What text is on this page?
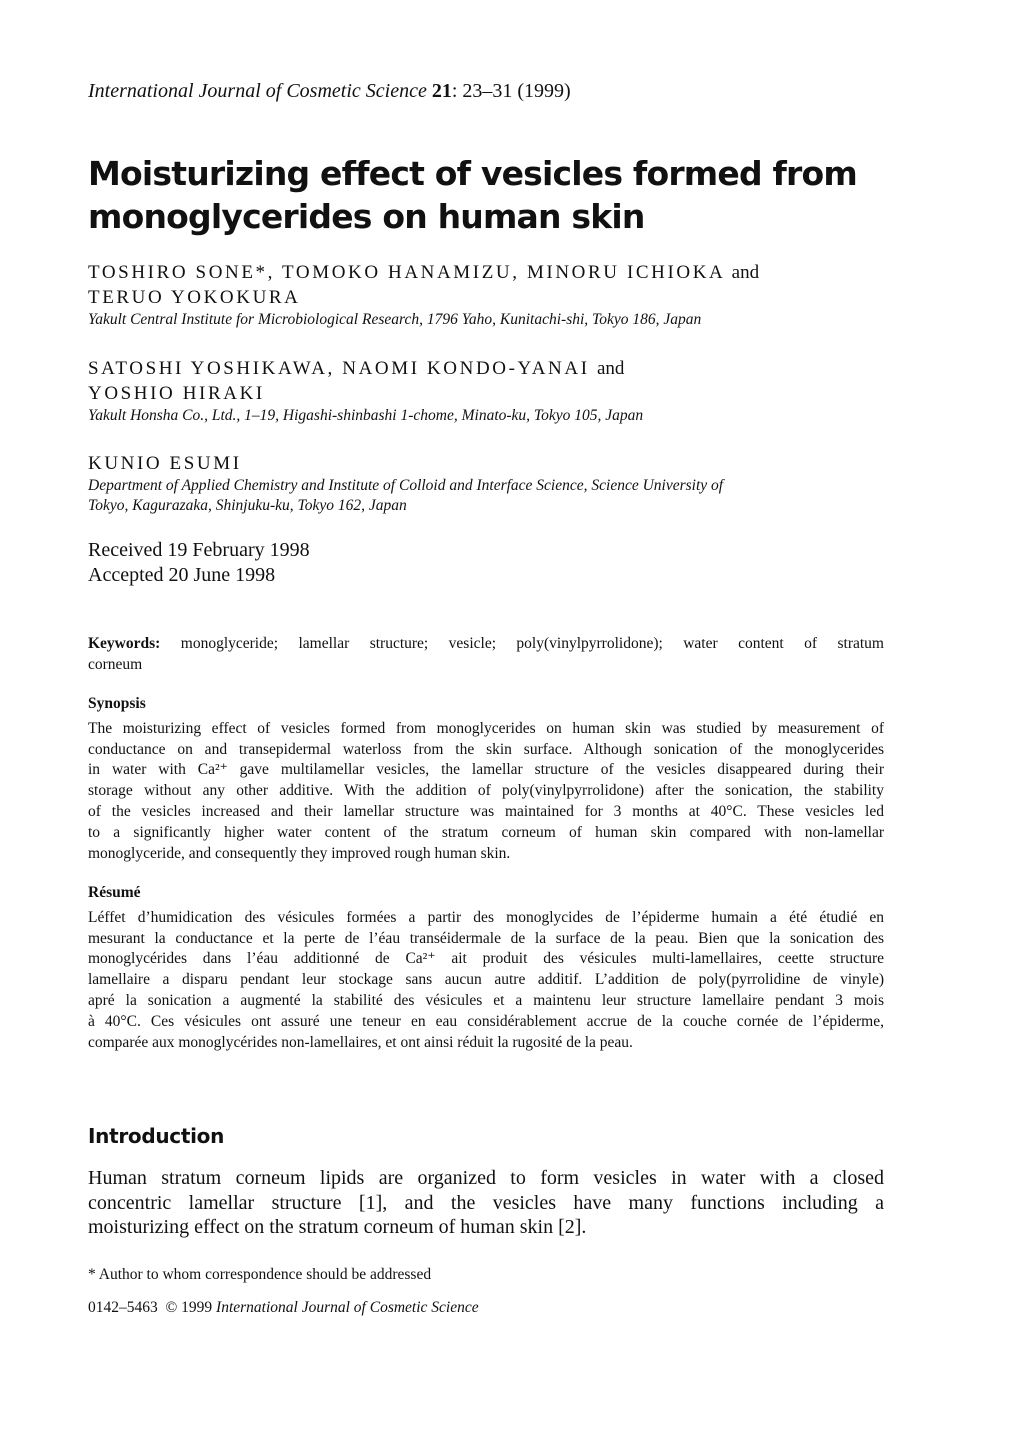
International Journal of Cosmetic Science 21: 23–31 (1999)
Moisturizing effect of vesicles formed from
monoglycerides on human skin
TOSHIRO SONE*, TOMOKO HANAMIZU, MINORU ICHIOKA and
TERUO YOKOKURA
Yakult Central Institute for Microbiological Research, 1796 Yaho, Kunitachi-shi, Tokyo 186, Japan
SATOSHI YOSHIKAWA, NAOMI KONDO-YANAI and
YOSHIO HIRAKI
Yakult Honsha Co., Ltd., 1–19, Higashi-shinbashi 1-chome, Minato-ku, Tokyo 105, Japan
KUNIO ESUMI
Department of Applied Chemistry and Institute of Colloid and Interface Science, Science University of
Tokyo, Kagurazaka, Shinjuku-ku, Tokyo 162, Japan
Received 19 February 1998
Accepted 20 June 1998
Keywords: monoglyceride; lamellar structure; vesicle; poly(vinylpyrrolidone); water content of stratum
corneum
Synopsis
The moisturizing effect of vesicles formed from monoglycerides on human skin was studied by measurement of
conductance on and transepidermal waterloss from the skin surface. Although sonication of the monoglycerides
in water with Ca²⁺ gave multilamellar vesicles, the lamellar structure of the vesicles disappeared during their
storage without any other additive. With the addition of poly(vinylpyrrolidone) after the sonication, the stability
of the vesicles increased and their lamellar structure was maintained for 3 months at 40°C. These vesicles led
to a significantly higher water content of the stratum corneum of human skin compared with non-lamellar
monoglyceride, and consequently they improved rough human skin.
Résumé
Léffet d’humidication des vésicules formées a partir des monoglycides de l’épiderme humain a été étudié en
mesurant la conductance et la perte de l’éau transéidermale de la surface de la peau. Bien que la sonication des
monoglycérides dans l’éau additionné de Ca²⁺ ait produit des vésicules multi-lamellaires, ceette structure
lamellaire a disparu pendant leur stockage sans aucun autre additif. L’addition de poly(pyrrolidine de vinyle)
apré la sonication a augmenté la stabilité des vésicules et a maintenu leur structure lamellaire pendant 3 mois
à 40°C. Ces vésicules ont assuré une teneur en eau considérablement accrue de la couche cornée de l’épiderme,
comparée aux monoglycérides non-lamellaires, et ont ainsi réduit la rugosité de la peau.
Introduction
Human stratum corneum lipids are organized to form vesicles in water with a closed
concentric lamellar structure [1], and the vesicles have many functions including a
moisturizing effect on the stratum corneum of human skin [2].
* Author to whom correspondence should be addressed
0142–5463  © 1999 International Journal of Cosmetic Science
